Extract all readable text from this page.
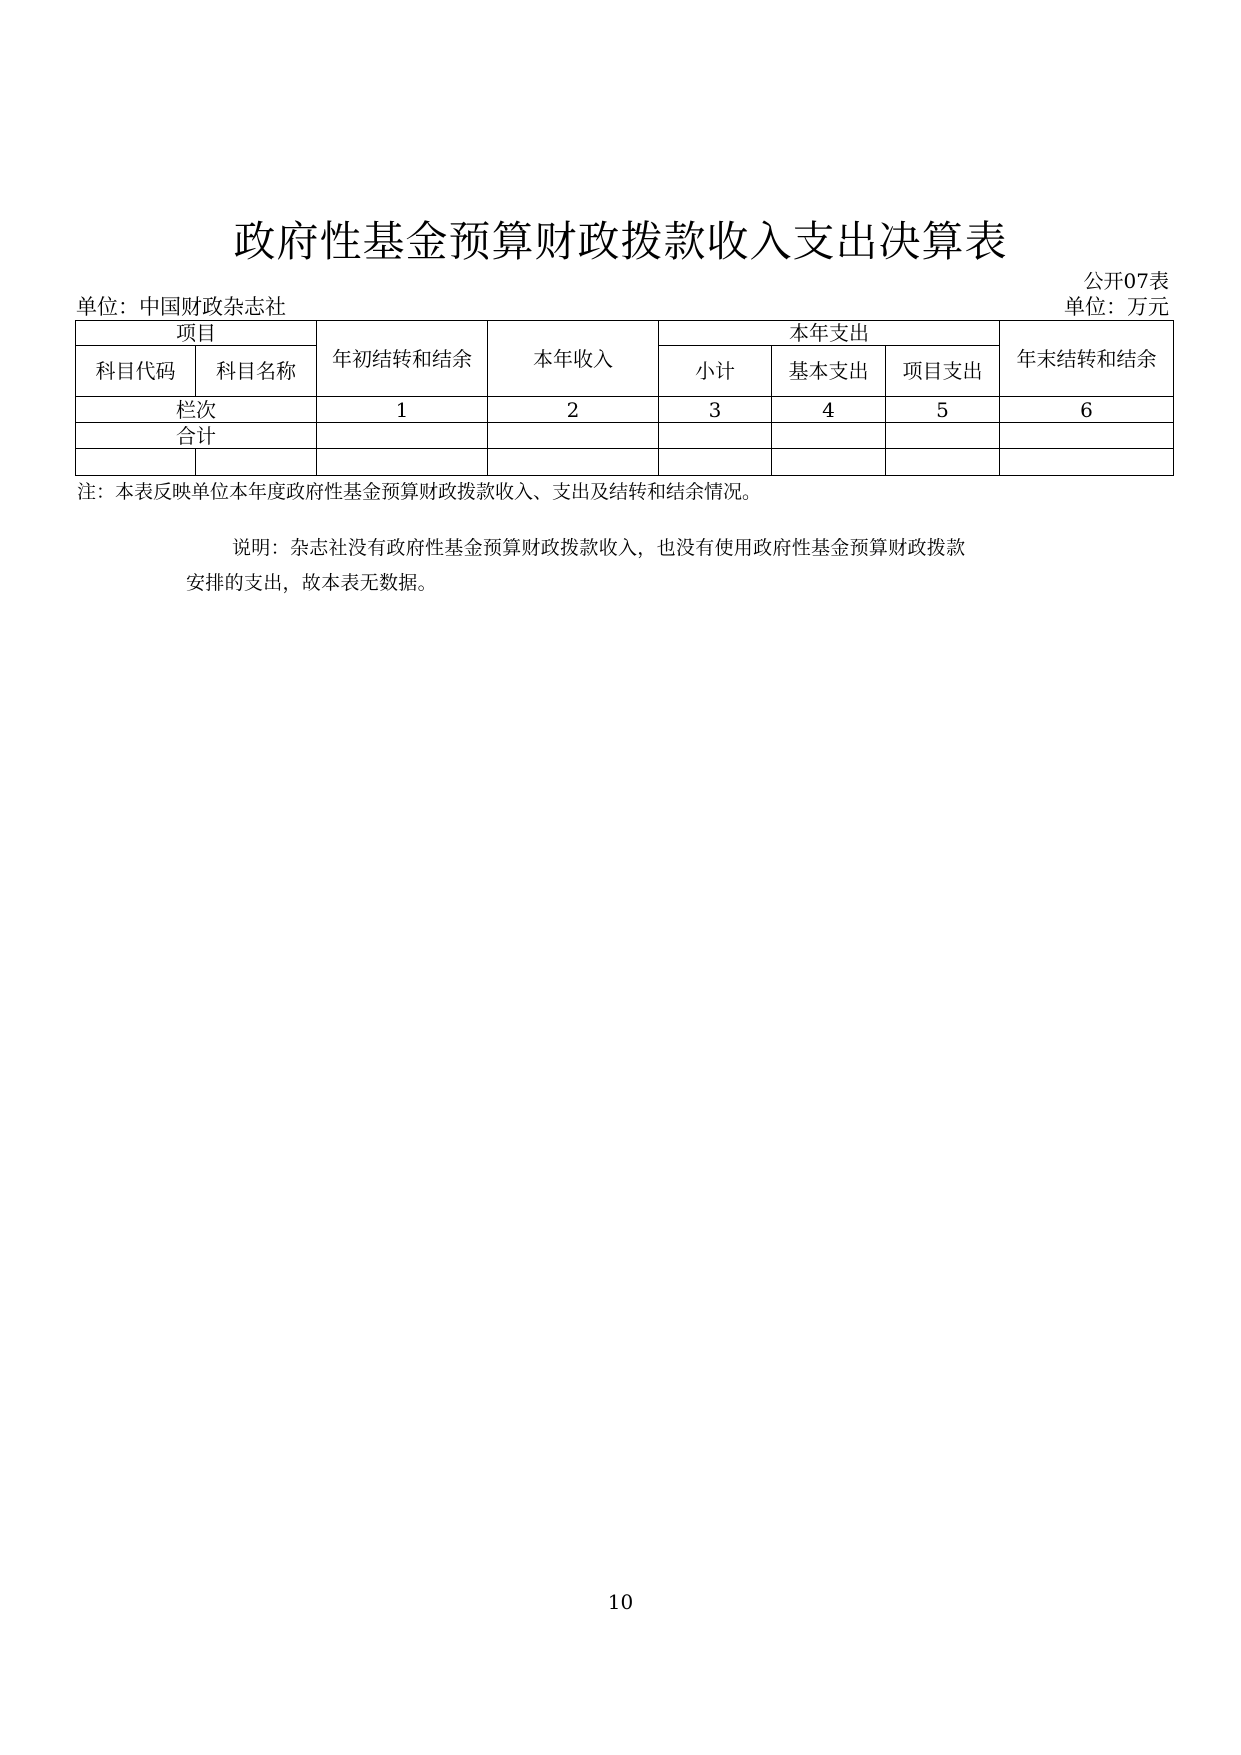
政府性基金预算财政拨款收入支出决算表
公开07表
单位：中国财政杂志社	单位：万元
项目		年初结转和结余	本年收入	本年支出			年末结转和结余
科目代码	科目名称			小计	基本支出	项目支出	
栏次		1	2	3	4	5	6
合计							

注：本表反映单位本年度政府性基金预算财政拨款收入、支出及结转和结余情况。
说明：杂志社没有政府性基金预算财政拨款收入，也没有使用政府性基金预算财政拨款
安排的支出，故本表无数据。
10
